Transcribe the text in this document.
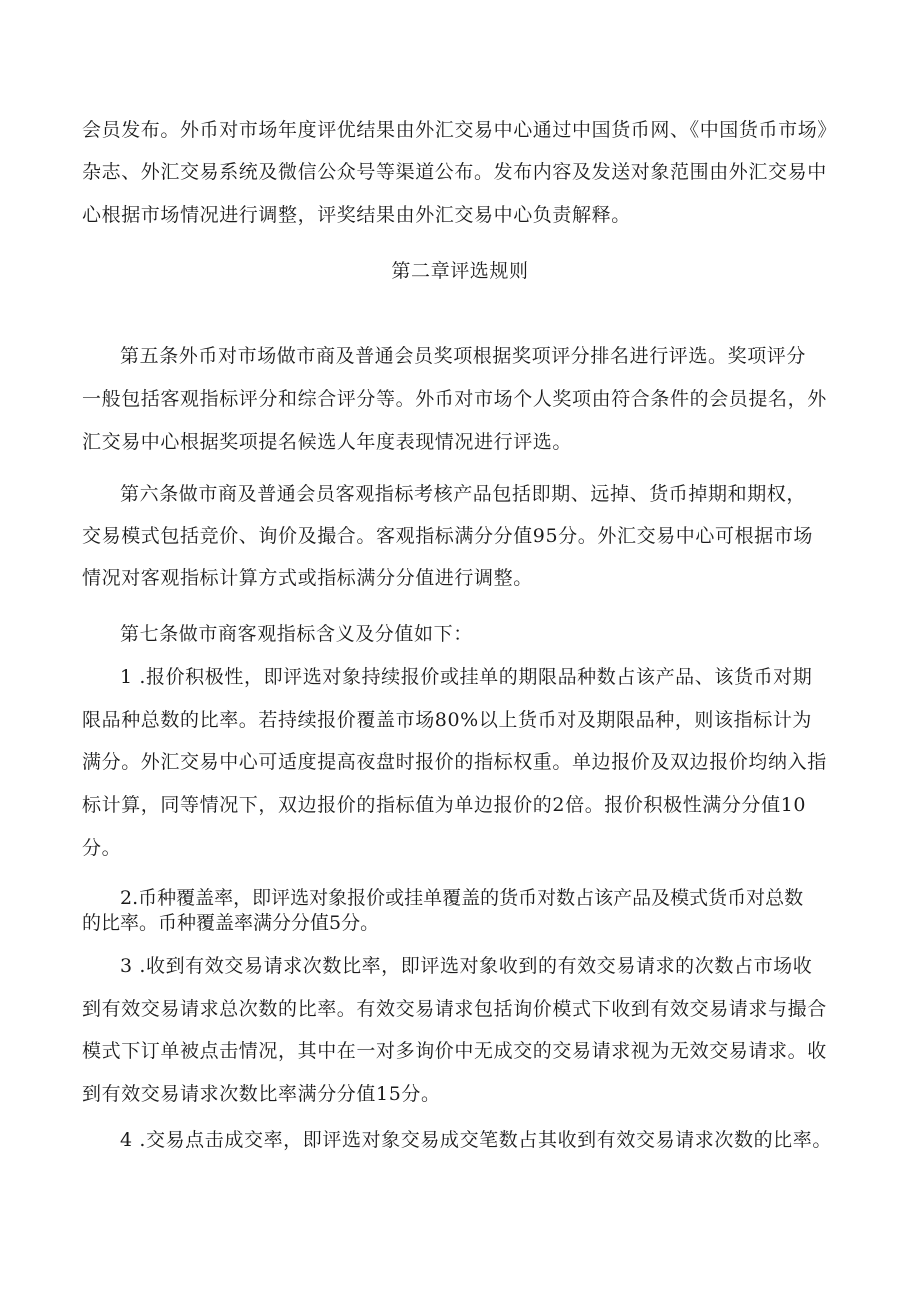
会员发布。外币对市场年度评优结果由外汇交易中心通过中国货币网、《中国货币市场》
杂志、外汇交易系统及微信公众号等渠道公布。发布内容及发送对象范围由外汇交易中
心根据市场情况进行调整，评奖结果由外汇交易中心负责解释。
第二章评选规则
第五条外币对市场做市商及普通会员奖项根据奖项评分排名进行评选。奖项评分
一般包括客观指标评分和综合评分等。外币对市场个人奖项由符合条件的会员提名，外
汇交易中心根据奖项提名候选人年度表现情况进行评选。
第六条做市商及普通会员客观指标考核产品包括即期、远掉、货币掉期和期权，
交易模式包括竞价、询价及撮合。客观指标满分分值95分。外汇交易中心可根据市场
情况对客观指标计算方式或指标满分分值进行调整。
第七条做市商客观指标含义及分值如下：
1 .报价积极性，即评选对象持续报价或挂单的期限品种数占该产品、该货币对期
限品种总数的比率。若持续报价覆盖市场80%以上货币对及期限品种，则该指标计为
满分。外汇交易中心可适度提高夜盘时报价的指标权重。单边报价及双边报价均纳入指
标计算，同等情况下，双边报价的指标值为单边报价的2倍。报价积极性满分分值10
分。
2.币种覆盖率，即评选对象报价或挂单覆盖的货币对数占该产品及模式货币对总数
的比率。币种覆盖率满分分值5分。
3 .收到有效交易请求次数比率，即评选对象收到的有效交易请求的次数占市场收
到有效交易请求总次数的比率。有效交易请求包括询价模式下收到有效交易请求与撮合
模式下订单被点击情况，其中在一对多询价中无成交的交易请求视为无效交易请求。收
到有效交易请求次数比率满分分值15分。
4 .交易点击成交率，即评选对象交易成交笔数占其收到有效交易请求次数的比率。
